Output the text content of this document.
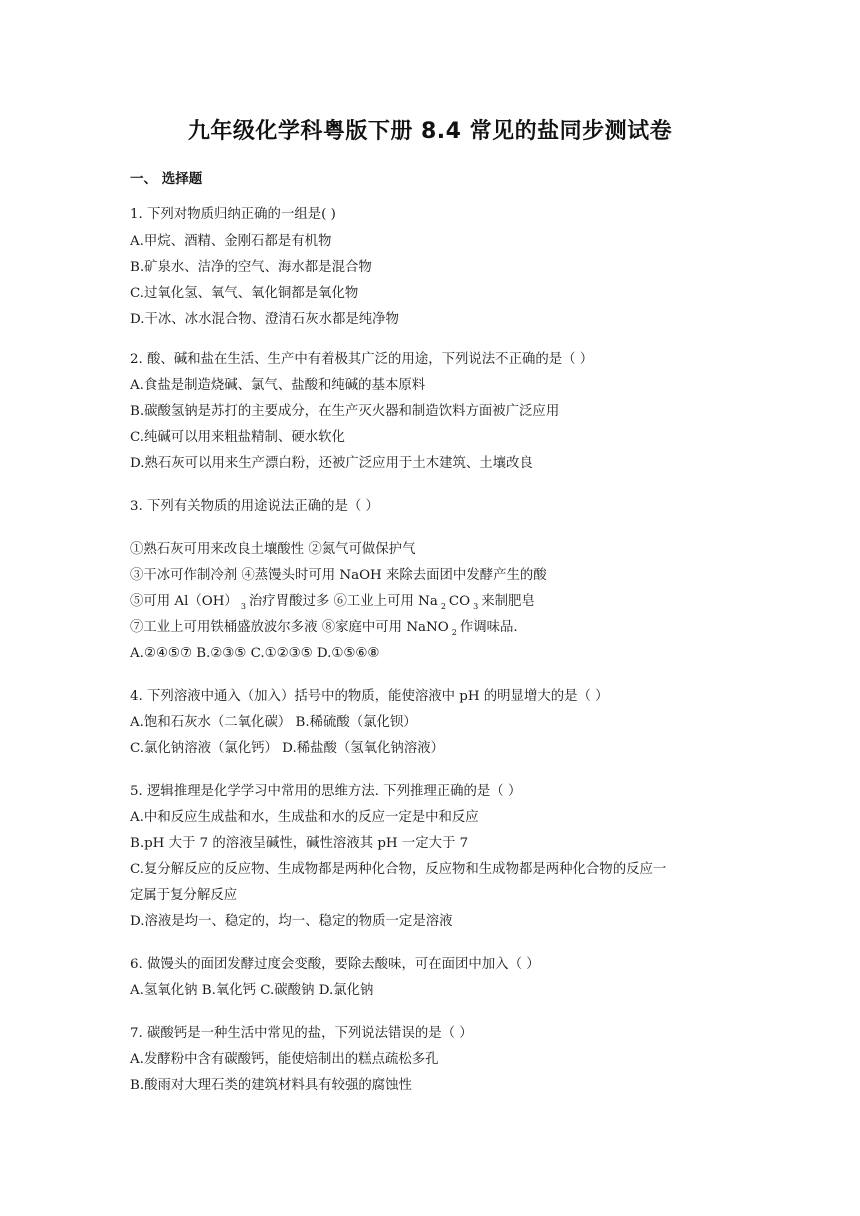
九年级化学科粤版下册 8.4 常见的盐同步测试卷
一、 选择题
1. 下列对物质归纳正确的一组是( )
A.甲烷、酒精、金刚石都是有机物
B.矿泉水、洁净的空气、海水都是混合物
C.过氧化氢、氧气、氧化铜都是氧化物
D.干冰、冰水混合物、澄清石灰水都是纯净物
2. 酸、碱和盐在生活、生产中有着极其广泛的用途，下列说法不正确的是（ ）
A.食盐是制造烧碱、氯气、盐酸和纯碱的基本原料
B.碳酸氢钠是苏打的主要成分，在生产灭火器和制造饮料方面被广泛应用
C.纯碱可以用来粗盐精制、硬水软化
D.熟石灰可以用来生产漂白粉，还被广泛应用于土木建筑、土壤改良
3. 下列有关物质的用途说法正确的是（ ）
①熟石灰可用来改良土壤酸性 ②氮气可做保护气
③干冰可作制冷剂 ④蒸馒头时可用 NaOH 来除去面团中发酵产生的酸
⑤可用 Al（OH） $_3$ 治疗胃酸过多 ⑥工业上可用 Na $_2$ CO $_3$ 来制肥皂
⑦工业上可用铁桶盛放波尔多液 ⑧家庭中可用 NaNO $_2$ 作调味品.
A.②④⑤⑦ B.②③⑤ C.①②③⑤ D.①⑤⑥⑧
4. 下列溶液中通入（加入）括号中的物质，能使溶液中 pH 的明显增大的是（ ）
A.饱和石灰水（二氧化碳） B.稀硫酸（氯化钡）
C.氯化钠溶液（氯化钙） D.稀盐酸（氢氧化钠溶液）
5. 逻辑推理是化学学习中常用的思维方法. 下列推理正确的是（ ）
A.中和反应生成盐和水，生成盐和水的反应一定是中和反应
B.pH 大于 7 的溶液呈碱性，碱性溶液其 pH 一定大于 7
C.复分解反应的反应物、生成物都是两种化合物，反应物和生成物都是两种化合物的反应一
定属于复分解反应
D.溶液是均一、稳定的，均一、稳定的物质一定是溶液
6. 做馒头的面团发酵过度会变酸，要除去酸味，可在面团中加入（ ）
A.氢氧化钠 B.氧化钙 C.碳酸钠 D.氯化钠
7. 碳酸钙是一种生活中常见的盐，下列说法错误的是（ ）
A.发酵粉中含有碳酸钙，能使焙制出的糕点疏松多孔
B.酸雨对大理石类的建筑材料具有较强的腐蚀性
